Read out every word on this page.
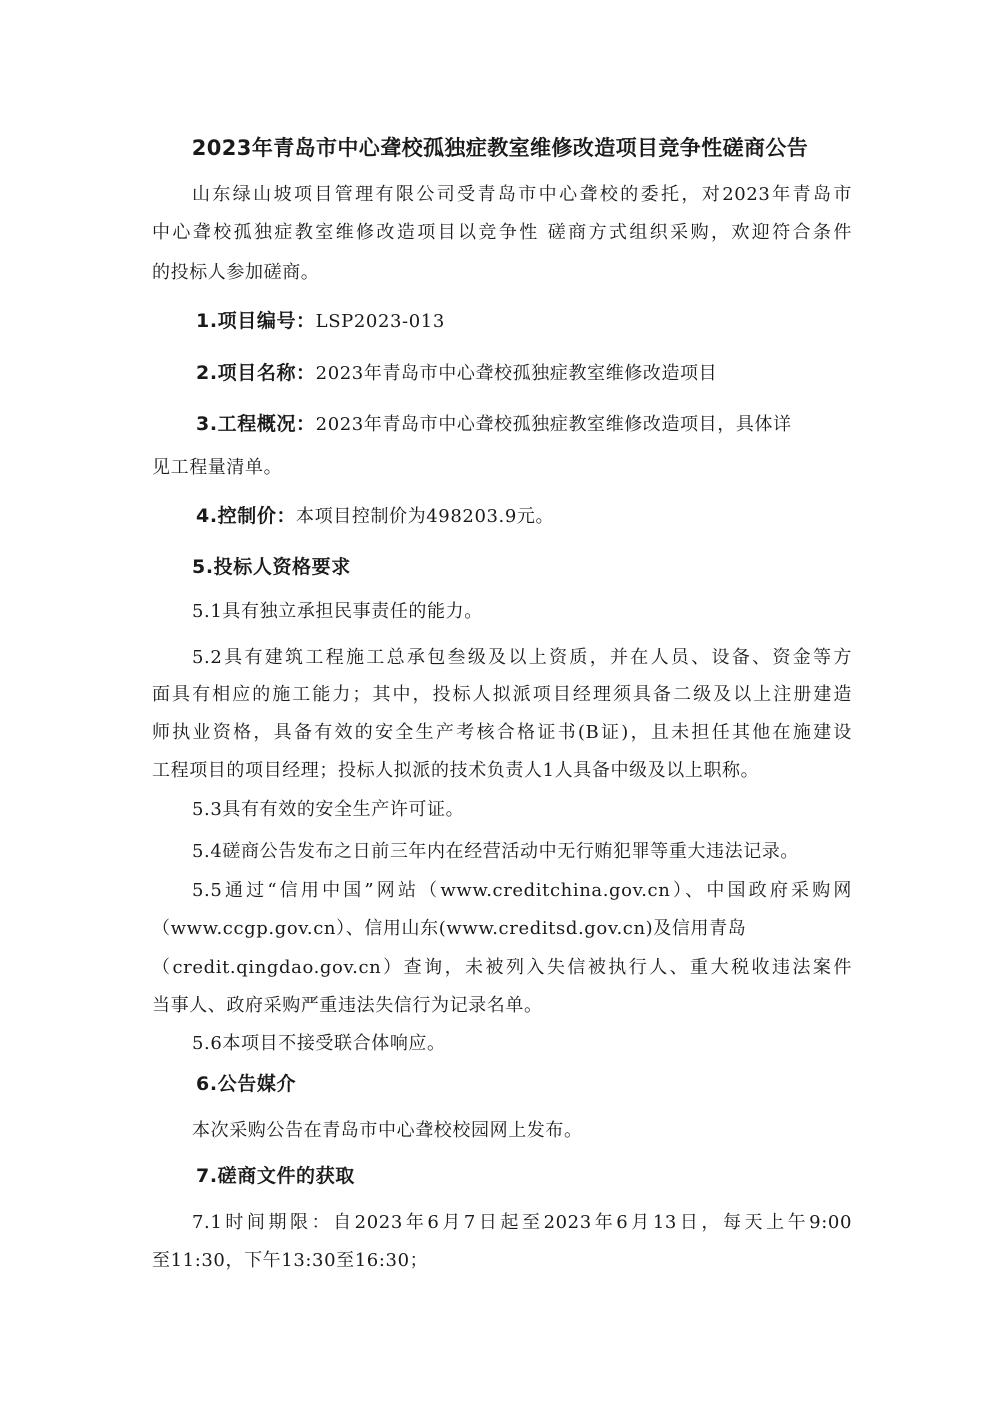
2023年青岛市中心聋校孤独症教室维修改造项目竞争性磋商公告
山东绿山坡项目管理有限公司受青岛市中心聋校的委托，对2023年青岛市
中心聋校孤独症教室维修改造项目以竞争性 磋商方式组织采购，欢迎符合条件
的投标人参加磋商。
1.项目编号：LSP2023-013
2.项目名称：2023年青岛市中心聋校孤独症教室维修改造项目
3.工程概况：2023年青岛市中心聋校孤独症教室维修改造项目，具体详
见工程量清单。
4.控制价：本项目控制价为498203.9元。
5.投标人资格要求
5.1具有独立承担民事责任的能力。
5.2具有建筑工程施工总承包叁级及以上资质，并在人员、设备、资金等方
面具有相应的施工能力；其中，投标人拟派项目经理须具备二级及以上注册建造
师执业资格，具备有效的安全生产考核合格证书(B证)，且未担任其他在施建设
工程项目的项目经理；投标人拟派的技术负责人1人具备中级及以上职称。
5.3具有有效的安全生产许可证。
5.4磋商公告发布之日前三年内在经营活动中无行贿犯罪等重大违法记录。
5.5通过“信用中国”网站（www.creditchina.gov.cn）、中国政府采购网
（www.ccgp.gov.cn）、信用山东(www.creditsd.gov.cn)及信用青岛
（credit.qingdao.gov.cn）查询，未被列入失信被执行人、重大税收违法案件
当事人、政府采购严重违法失信行为记录名单。
5.6本项目不接受联合体响应。
6.公告媒介
本次采购公告在青岛市中心聋校校园网上发布。
7.磋商文件的获取
7.1时间期限：自2023年6月7日起至2023年6月13日，每天上午9:00
至11:30，下午13:30至16:30；
